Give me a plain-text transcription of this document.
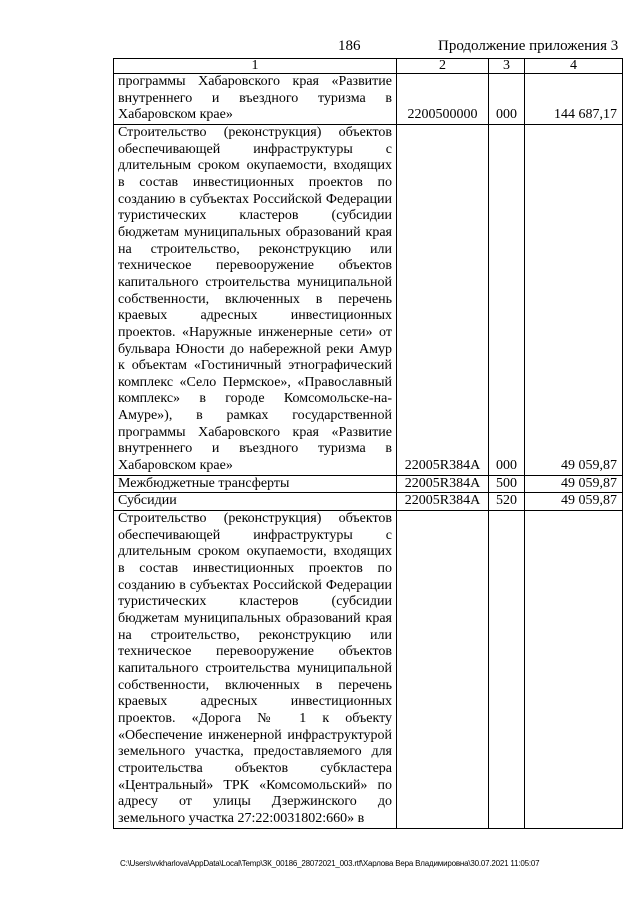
186	Продолжение приложения 3
1	2	3	4
программы Хабаровского края «Развитие внутреннего и въездного туризма в Хабаровском крае»	2200500000	000	144 687,17
Строительство (реконструкция) объектов обеспечивающей инфраструктуры с длительным сроком окупаемости, входящих в состав инвестиционных проектов по созданию в субъектах Российской Федерации туристических кластеров (субсидии бюджетам муниципальных образований края на строительство, реконструкцию или техническое перевооружение объектов капитального строительства муниципальной собственности, включенных в перечень краевых адресных инвестиционных проектов. «Наружные инженерные сети» от бульвара Юности до набережной реки Амур к объектам «Гостиничный этнографический комплекс «Село Пермское», «Православный комплекс» в городе Комсомольске-на-Амуре»), в рамках государственной программы Хабаровского края «Развитие внутреннего и въездного туризма в Хабаровском крае»	22005R384A	000	49 059,87
Межбюджетные трансферты	22005R384A	500	49 059,87
Субсидии	22005R384A	520	49 059,87
Строительство (реконструкция) объектов обеспечивающей инфраструктуры с длительным сроком окупаемости, входящих в состав инвестиционных проектов по созданию в субъектах Российской Федерации туристических кластеров (субсидии бюджетам муниципальных образований края на строительство, реконструкцию или техническое перевооружение объектов капитального строительства муниципальной собственности, включенных в перечень краевых адресных инвестиционных проектов. «Дорога № 1 к объекту «Обеспечение инженерной инфраструктурой земельного участка, предоставляемого для строительства объектов субкластера «Центральный» ТРК «Комсомольский» по адресу от улицы Дзержинского до земельного участка 27:22:0031802:660» в			
C:\Users\vvkharlova\AppData\Local\Temp\ЗК_00186_28072021_003.rtf\Харлова Вера Владимировна\30.07.2021 11:05:07
